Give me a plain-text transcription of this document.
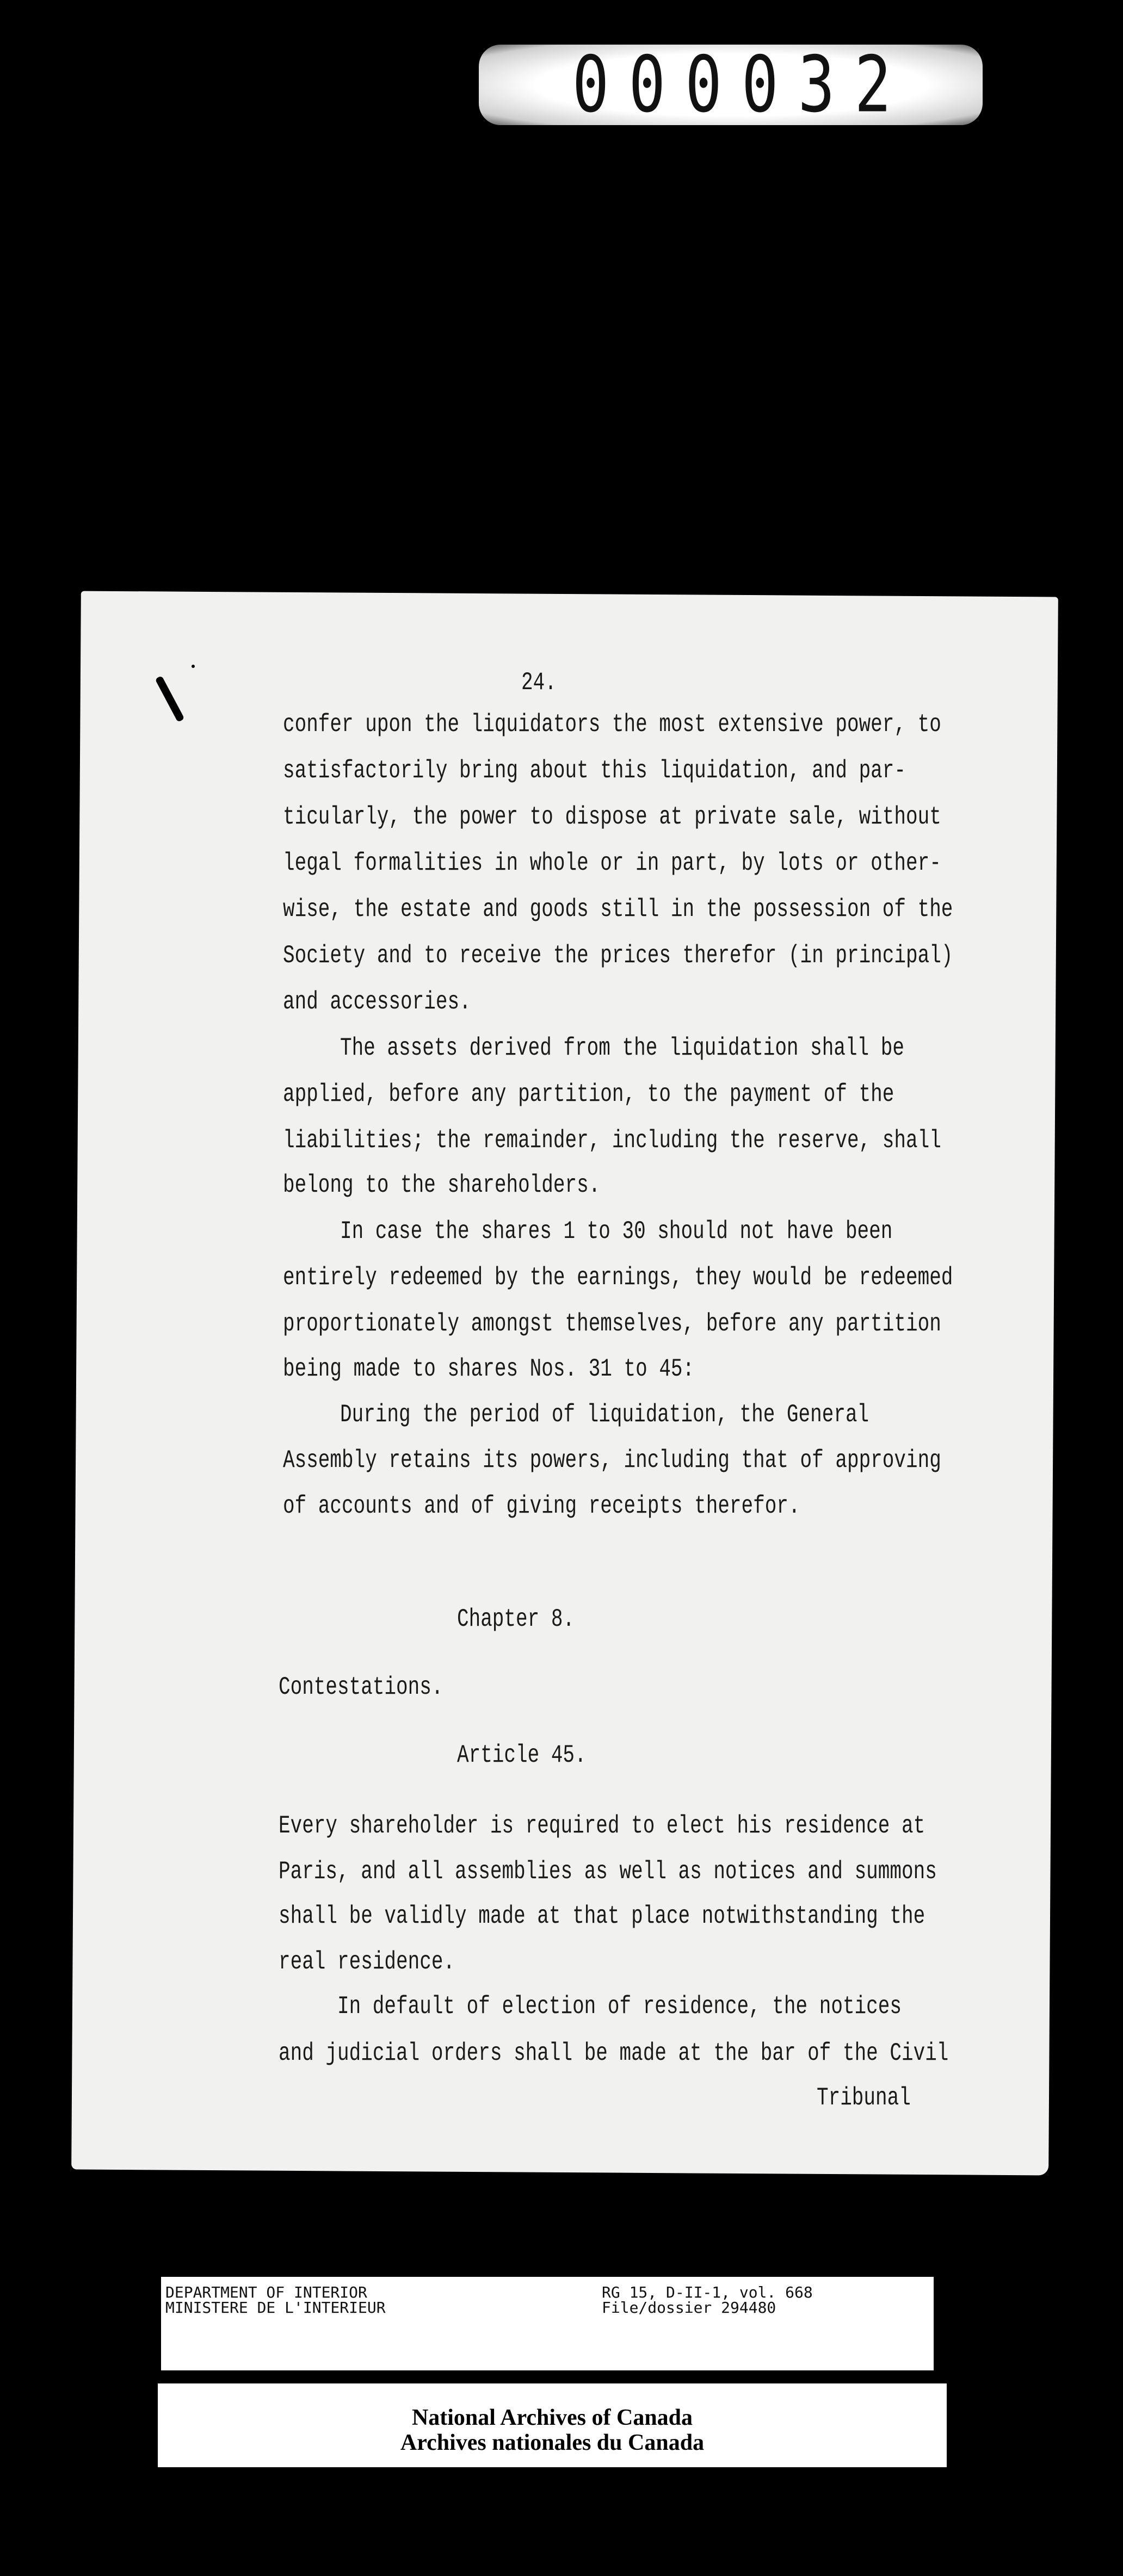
000032
24.
confer upon the liquidators the most extensive power, to
satisfactorily bring about this liquidation, and par-
ticularly, the power to dispose at private sale, without
legal formalities in whole or in part, by lots or other-
wise, the estate and goods still in the possession of the
Society and to receive the prices therefor (in principal)
and accessories.
The assets derived from the liquidation shall be
applied, before any partition, to the payment of the
liabilities; the remainder, including the reserve, shall
belong to the shareholders.
In case the shares 1 to 30 should not have been
entirely redeemed by the earnings, they would be redeemed
proportionately amongst themselves, before any partition
being made to shares Nos. 31 to 45:
During the period of liquidation, the General
Assembly retains its powers, including that of approving
of accounts and of giving receipts therefor.
Chapter 8.
Contestations.
Article 45.
Every shareholder is required to elect his residence at
Paris, and all assemblies as well as notices and summons
shall be validly made at that place notwithstanding the
real residence.
In default of election of residence, the notices
and judicial orders shall be made at the bar of the Civil
Tribunal
DEPARTMENT OF INTERIOR
MINISTERE DE L'INTERIEUR
RG 15, D-II-1, vol. 668
File/dossier 294480
National Archives of Canada
Archives nationales du Canada
